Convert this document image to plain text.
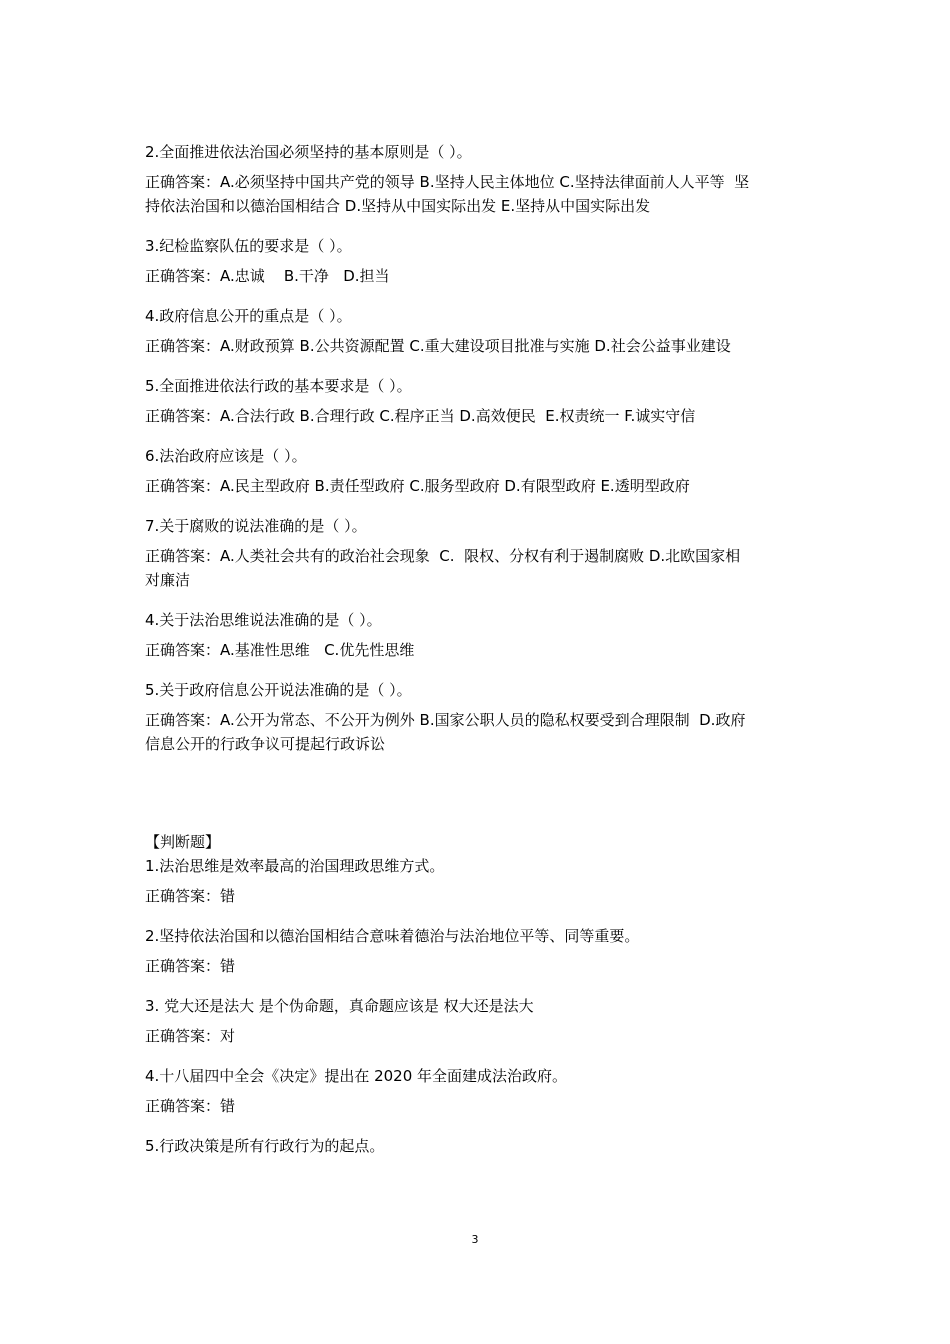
2.全面推进依法治国必须坚持的基本原则是（ ）。
正确答案：A.必须坚持中国共产党的领导 B.坚持人民主体地位 C.坚持法律面前人人平等  坚
持依法治国和以德治国相结合 D.坚持从中国实际出发 E.坚持从中国实际出发
3.纪检监察队伍的要求是（ ）。
正确答案：A.忠诚    B.干净   D.担当
4.政府信息公开的重点是（ ）。
正确答案：A.财政预算 B.公共资源配置 C.重大建设项目批准与实施 D.社会公益事业建设
5.全面推进依法行政的基本要求是（ ）。
正确答案：A.合法行政 B.合理行政 C.程序正当 D.高效便民  E.权责统一 F.诚实守信
6.法治政府应该是（ ）。
正确答案：A.民主型政府 B.责任型政府 C.服务型政府 D.有限型政府 E.透明型政府
7.关于腐败的说法准确的是（ ）。
正确答案：A.人类社会共有的政治社会现象  C.  限权、分权有利于遏制腐败 D.北欧国家相
对廉洁
4.关于法治思维说法准确的是（ ）。
正确答案：A.基准性思维   C.优先性思维
5.关于政府信息公开说法准确的是（ ）。
正确答案：A.公开为常态、不公开为例外 B.国家公职人员的隐私权要受到合理限制  D.政府
信息公开的行政争议可提起行政诉讼
【判断题】
1.法治思维是效率最高的治国理政思维方式。
正确答案：错
2.坚持依法治国和以德治国相结合意味着德治与法治地位平等、同等重要。
正确答案：错
3. 党大还是法大 是个伪命题，真命题应该是 权大还是法大
正确答案：对
4.十八届四中全会《决定》提出在 2020 年全面建成法治政府。
正确答案：错
5.行政决策是所有行政行为的起点。
3
